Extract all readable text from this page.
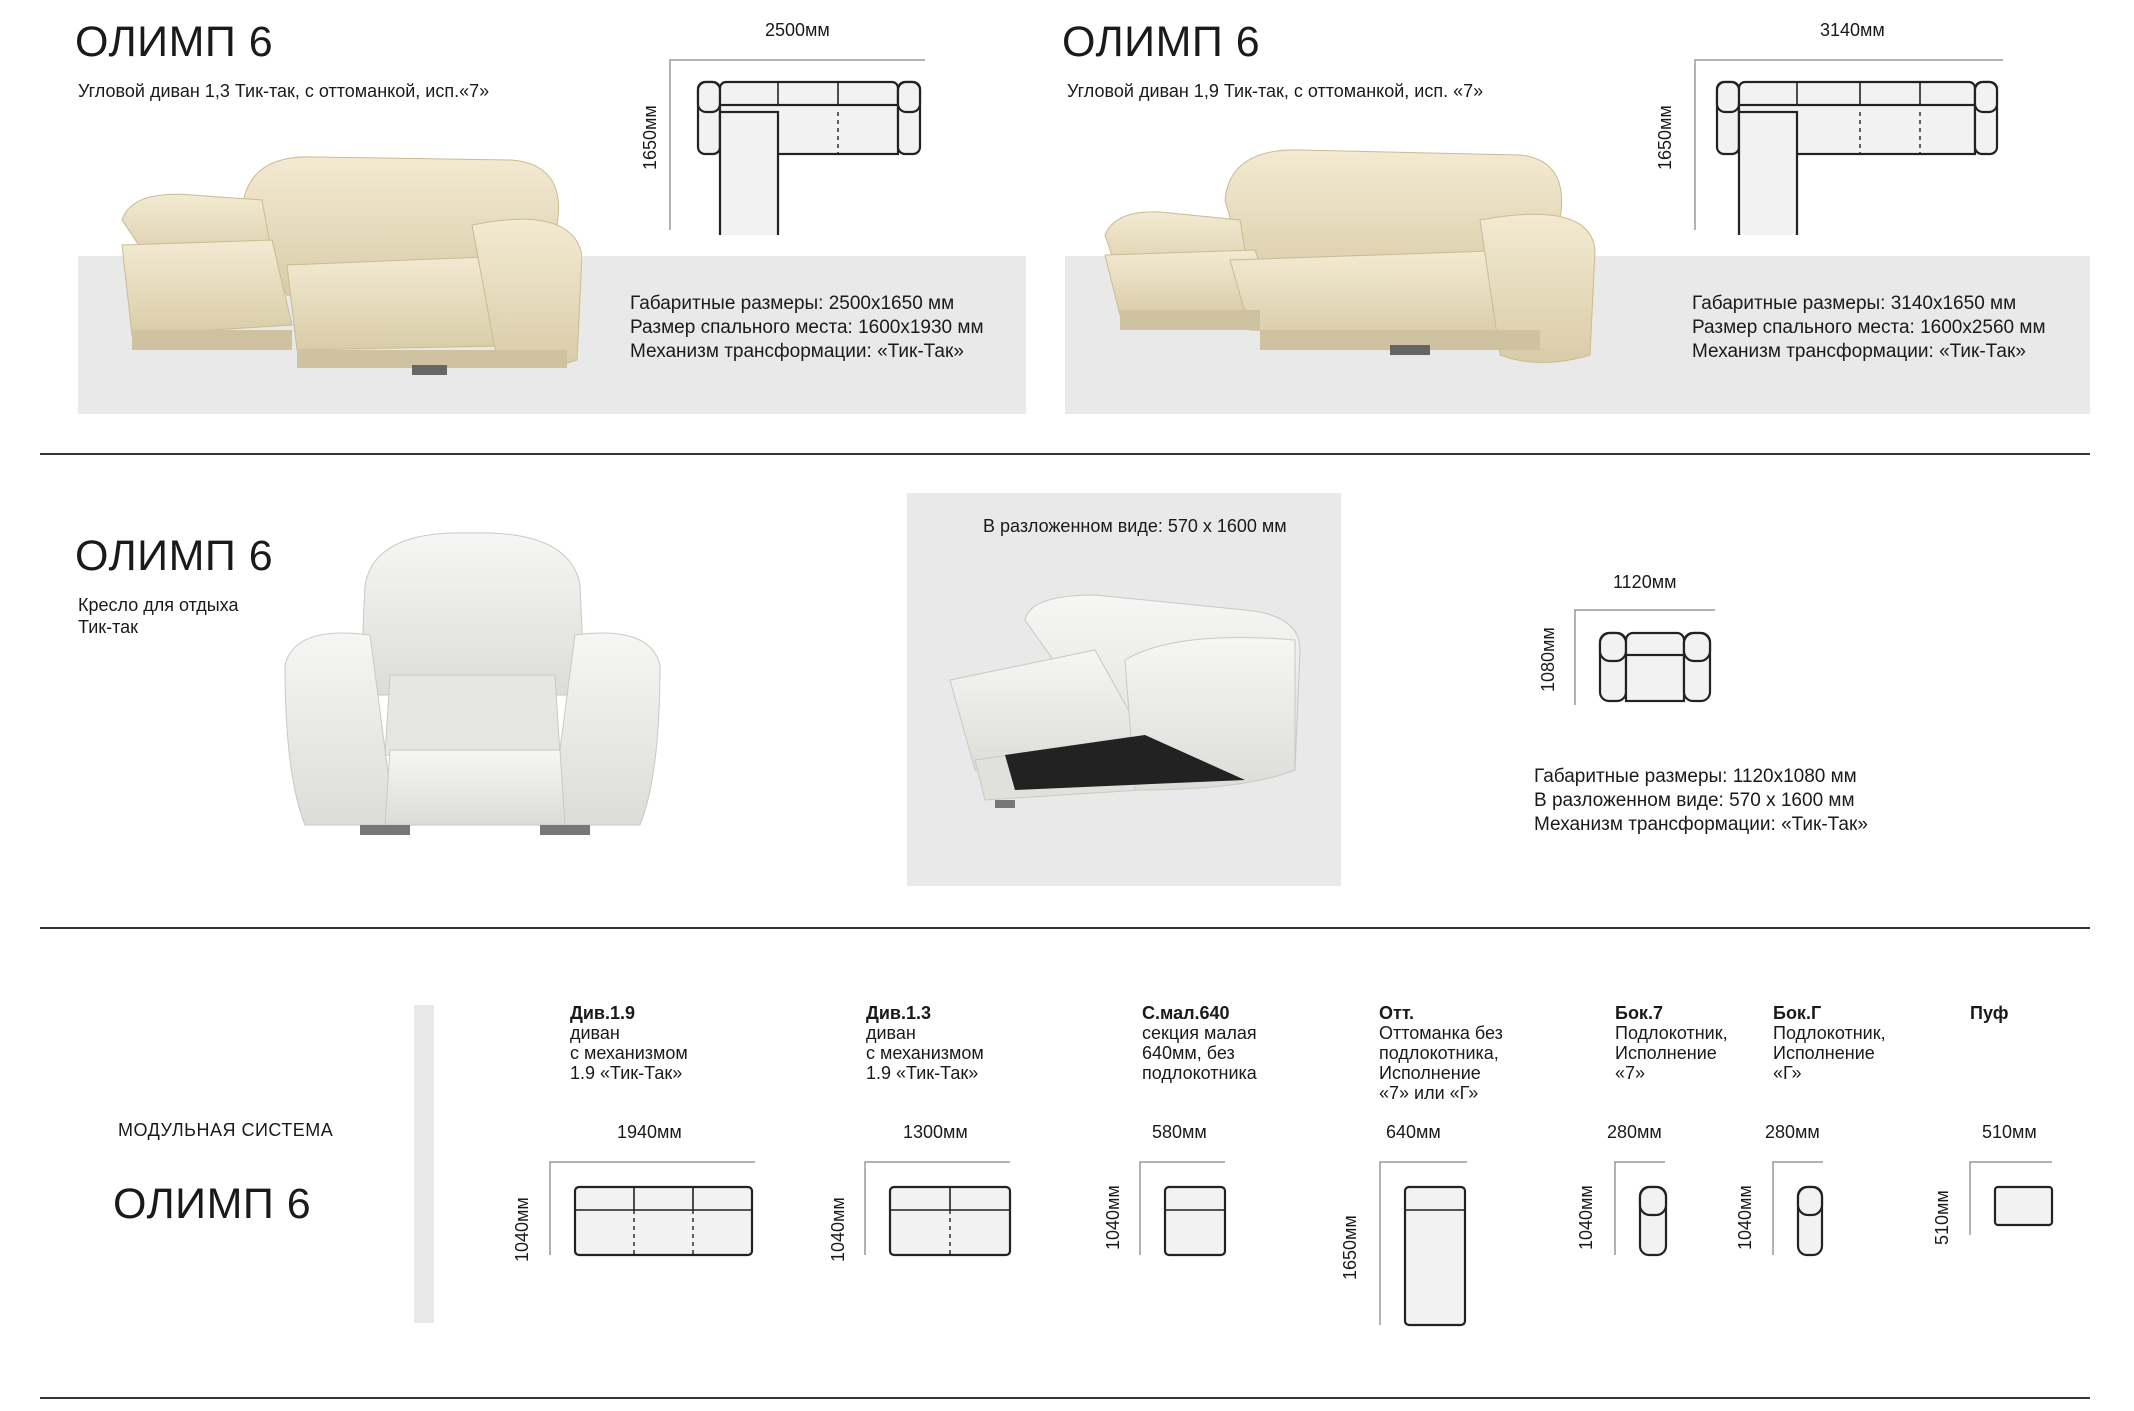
ОЛИМП 6
Угловой диван 1,3 Тик-так, с оттоманкой, исп.«7»
2500мм
1650мм
Габаритные размеры: 2500x1650 мм
Размер спального места: 1600x1930 мм
Механизм трансформации: «Тик-Так»
ОЛИМП 6
Угловой диван 1,9 Тик-так, с оттоманкой, исп. «7»
3140мм
1650мм
Габаритные размеры: 3140x1650 мм
Размер спального места: 1600x2560 мм
Механизм трансформации: «Тик-Так»
ОЛИМП 6
Кресло для отдыха
Тик-так
В разложенном виде: 570 x 1600 мм
1120мм
1080мм
Габаритные размеры: 1120x1080 мм
В разложенном виде: 570 x 1600 мм
Механизм трансформации: «Тик-Так»
МОДУЛЬНАЯ СИСТЕМА
ОЛИМП 6
Див.1.9
диван
с механизмом
1.9 «Тик-Так»
1940мм
1040мм
Див.1.3
диван
с механизмом
1.9 «Тик-Так»
1300мм
1040мм
С.мал.640
секция малая
640мм, без
подлокотника
580мм
1040мм
Отт.
Оттоманка без
подлокотника,
Исполнение
«7» или «Г»
640мм
1650мм
Бок.7
Подлокотник,
Исполнение
«7»
280мм
1040мм
Бок.Г
Подлокотник,
Исполнение
«Г»
280мм
1040мм
Пуф
510мм
510мм
